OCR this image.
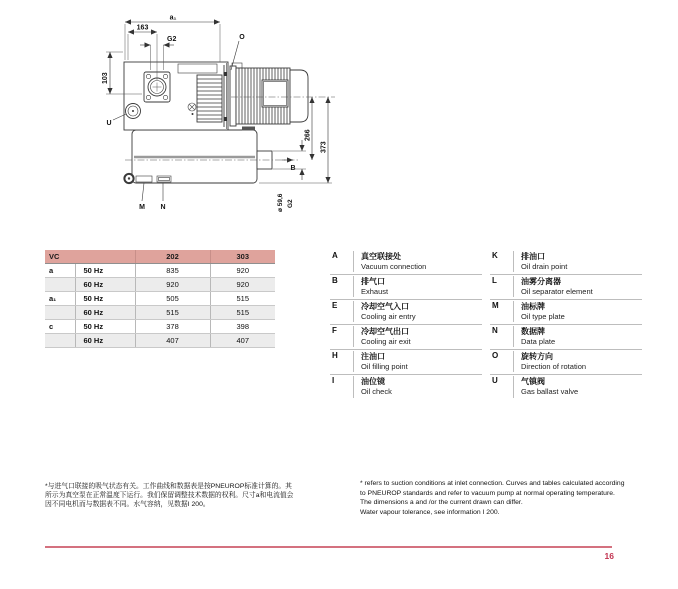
a₁
163
G2
103
O
U
B
M N
266
373
ø 59,6 G2
VC		202	303
a	50 Hz	835	920
	60 Hz	920	920
a₁	50 Hz	505	515
	60 Hz	515	515
c	50 Hz	378	398
	60 Hz	407	407
A	真空联接处
Vacuum connection
B	排气口
Exhaust
E	冷却空气入口
Cooling air entry
F	冷却空气出口
Cooling air exit
H	注油口
Oil filling point
I	油位镜
Oil check
K	排油口
Oil drain point
L	油雾分离器
Oil separator element
M	油标牌
Oil type plate
N	数据牌
Data plate
O	旋转方向
Direction of rotation
U	气镇阀
Gas ballast valve
*与进气口联接的吸气状态有关。工作曲线和数据表是按PNEUROP标准计算的。其
所示为真空泵在正常温度下运行。我们保留调整技术数据的权利。尺寸a和电流值会
因不同电机而与数据表不同。水气容纳，见数据I 200。
* refers to suction conditions at inlet connection. Curves and tables calculated according
to PNEUROP standards and refer to vacuum pump at normal operating temperature.
The dimensions a and /or the current drawn can differ.
Water vapour tolerance, see information I 200.
16
